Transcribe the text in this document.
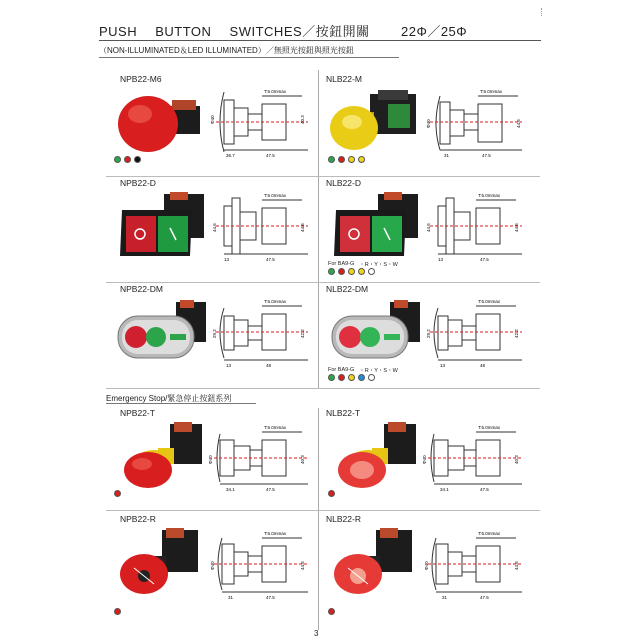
PUSH BUTTON SWITCHES／按鈕開關 22Φ／25Φ
（NON-ILLUMINATED＆LED ILLUMINATED）／無照光按鈕與照光按鈕
Emergency Stop/緊急停止按鈕系列
NPB22-M6
T:5.0mmax
Φ40	40.3
36.7	47.5
NLB22-M
T:5.0mmax
Φ40	44.6
31	47.5
NPB22-D
T:5.0mmax
44.6	44.6
13	47.5
NLB22-D
T:5.0mmax
44.6	44.6
13	47.5
For BA9-G ・R・Y・S・W
NPB22-DM
T:5.0mmax
29.2	42.2
13	48
NLB22-DM
T:5.0mmax
29.2	42.2
13	48
For BA9-G ・R・Y・S・W
NPB22-T
T:5.0mmax
Φ40	40.3
34.1	47.5
NLB22-T
T:5.0mmax
Φ40	40.3
34.1	47.5
NPB22-R
T:5.0mmax
Φ40	44.6
31	47.5
NLB22-R
T:5.0mmax
Φ40	44.6
31	47.5
3
